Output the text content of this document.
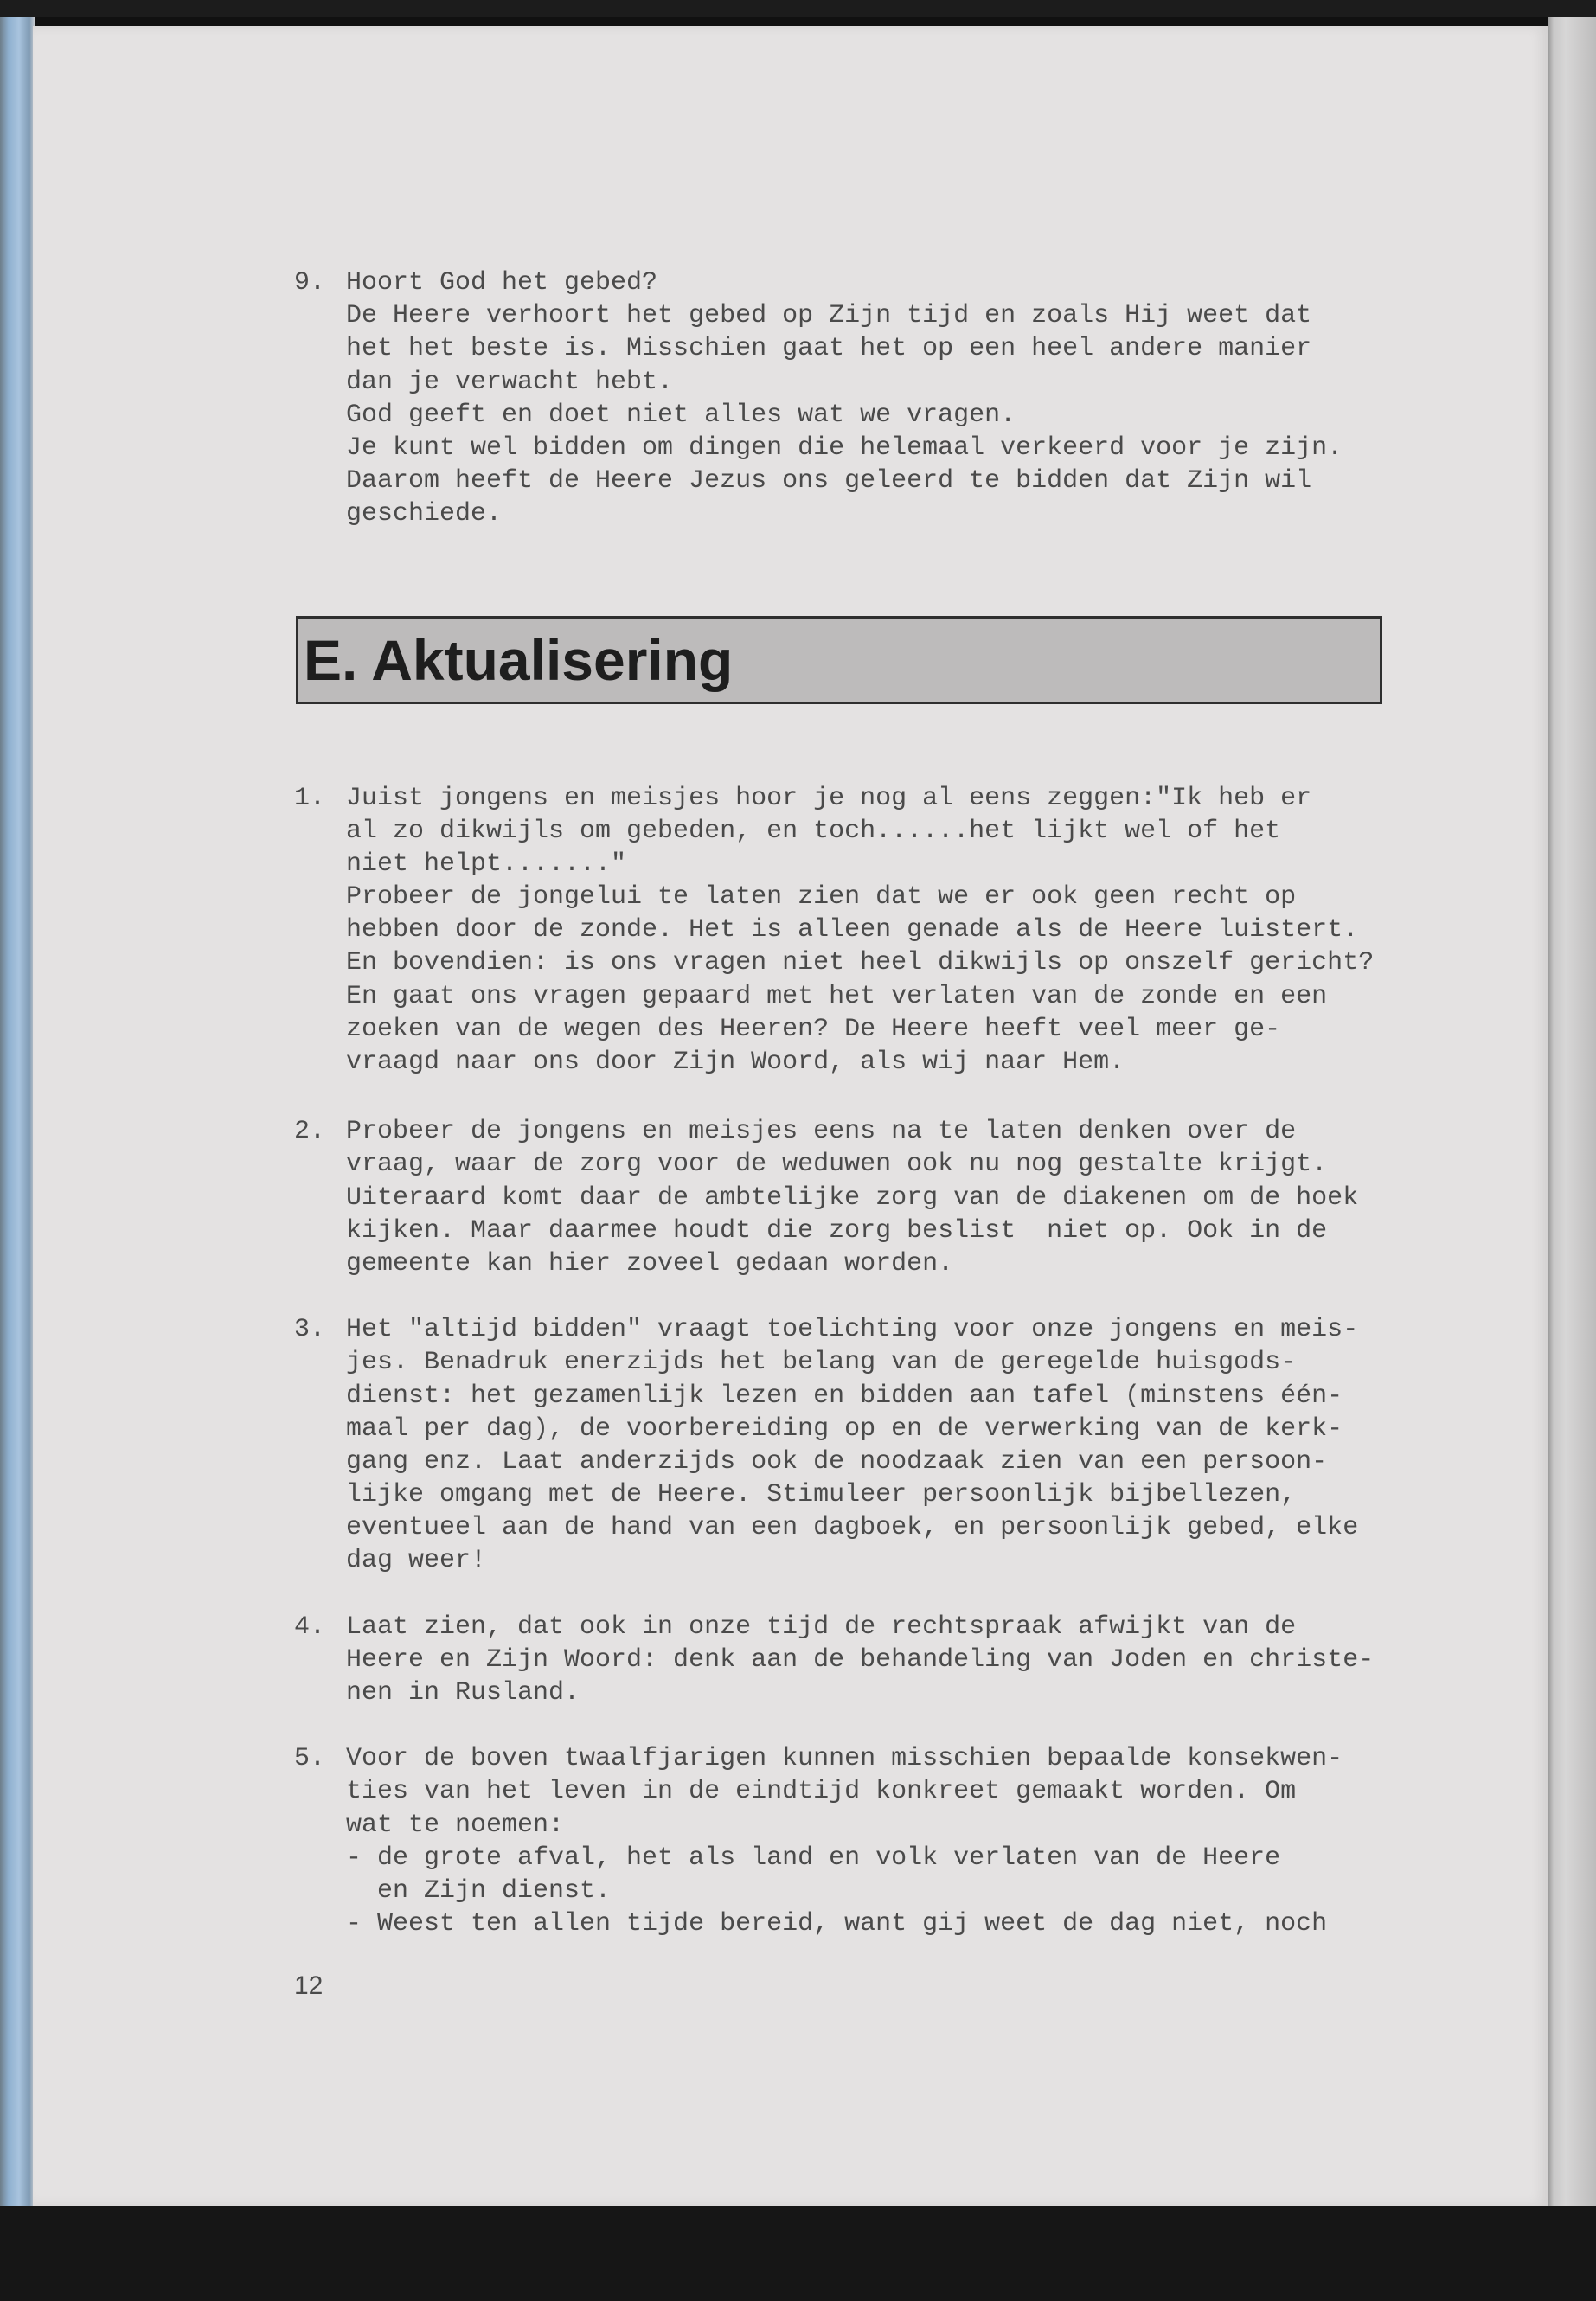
9. Hoort God het gebed?
De Heere verhoort het gebed op Zijn tijd en zoals Hij weet dat
het het beste is. Misschien gaat het op een heel andere manier
dan je verwacht hebt.
God geeft en doet niet alles wat we vragen.
Je kunt wel bidden om dingen die helemaal verkeerd voor je zijn.
Daarom heeft de Heere Jezus ons geleerd te bidden dat Zijn wil
geschiede.
1. Juist jongens en meisjes hoor je nog al eens zeggen:"Ik heb er
al zo dikwijls om gebeden, en toch......het lijkt wel of het
niet helpt......."
Probeer de jongelui te laten zien dat we er ook geen recht op
hebben door de zonde. Het is alleen genade als de Heere luistert.
En bovendien: is ons vragen niet heel dikwijls op onszelf gericht?
En gaat ons vragen gepaard met het verlaten van de zonde en een
zoeken van de wegen des Heeren? De Heere heeft veel meer ge-
vraagd naar ons door Zijn Woord, als wij naar Hem.
2. Probeer de jongens en meisjes eens na te laten denken over de
vraag, waar de zorg voor de weduwen ook nu nog gestalte krijgt.
Uiteraard komt daar de ambtelijke zorg van de diakenen om de hoek
kijken. Maar daarmee houdt die zorg beslist  niet op. Ook in de
gemeente kan hier zoveel gedaan worden.
3. Het "altijd bidden" vraagt toelichting voor onze jongens en meis-
jes. Benadruk enerzijds het belang van de geregelde huisgods-
dienst: het gezamenlijk lezen en bidden aan tafel (minstens één-
maal per dag), de voorbereiding op en de verwerking van de kerk-
gang enz. Laat anderzijds ook de noodzaak zien van een persoon-
lijke omgang met de Heere. Stimuleer persoonlijk bijbellezen,
eventueel aan de hand van een dagboek, en persoonlijk gebed, elke
dag weer!
4. Laat zien, dat ook in onze tijd de rechtspraak afwijkt van de
Heere en Zijn Woord: denk aan de behandeling van Joden en christe-
nen in Rusland.
5. Voor de boven twaalfjarigen kunnen misschien bepaalde konsekwen-
ties van het leven in de eindtijd konkreet gemaakt worden. Om
wat te noemen:
- de grote afval, het als land en volk verlaten van de Heere
en Zijn dienst.
- Weest ten allen tijde bereid, want gij weet de dag niet, noch
E. Aktualisering
12
